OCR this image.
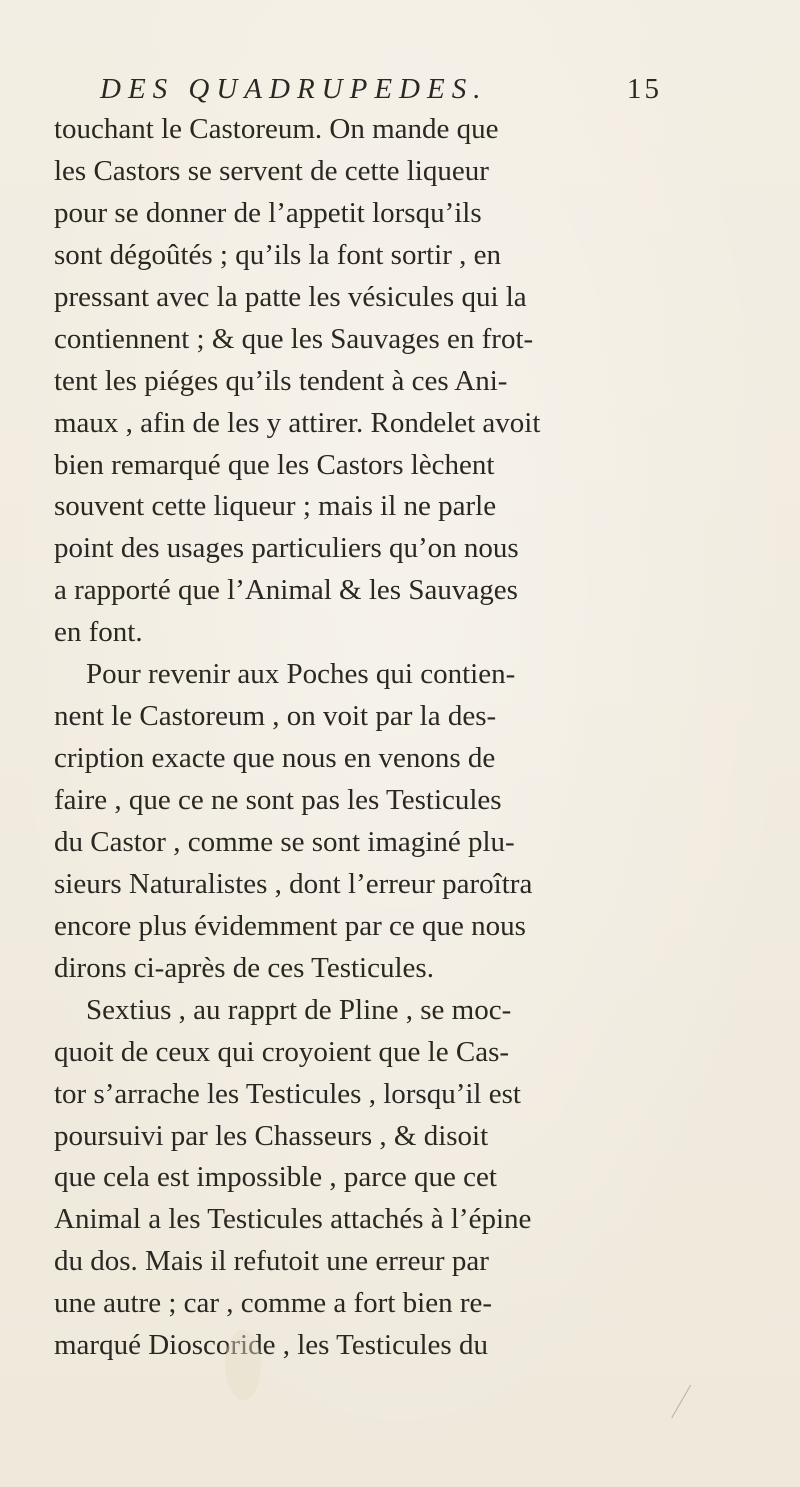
DES QUADRUPEDES.	15
touchant le Castoreum. On mande que
les Castors se servent de cette liqueur
pour se donner de l’appetit lorsqu’ils
sont dégoûtés ; qu’ils la font sortir , en
pressant avec la patte les vésicules qui la
contiennent ; & que les Sauvages en frot-
tent les piéges qu’ils tendent à ces Ani-
maux , afin de les y attirer. Rondelet avoit
bien remarqué que les Castors lèchent
souvent cette liqueur ; mais il ne parle
point des usages particuliers qu’on nous
a rapporté que l’Animal & les Sauvages
en font.
Pour revenir aux Poches qui contien-
nent le Castoreum , on voit par la des-
cription exacte que nous en venons de
faire , que ce ne sont pas les Testicules
du Castor , comme se sont imaginé plu-
sieurs Naturalistes , dont l’erreur paroîtra
encore plus évidemment par ce que nous
dirons ci-après de ces Testicules.
Sextius , au rapprt de Pline , se moc-
quoit de ceux qui croyoient que le Cas-
tor s’arrache les Testicules , lorsqu’il est
poursuivi par les Chasseurs , & disoit
que cela est impossible , parce que cet
Animal a les Testicules attachés à l’épine
du dos. Mais il refutoit une erreur par
une autre ; car , comme a fort bien re-
marqué Dioscoride , les Testicules du
